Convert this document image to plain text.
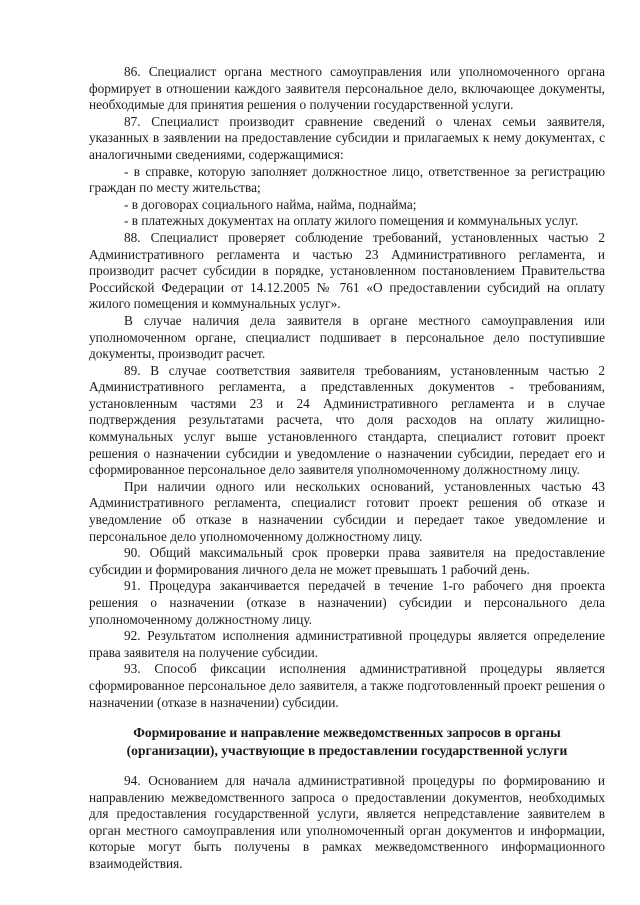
86. Специалист органа местного самоуправления или уполномоченного органа формирует в отношении каждого заявителя персональное дело, включающее документы, необходимые для принятия решения о получении государственной услуги.

87. Специалист производит сравнение сведений о членах семьи заявителя, указанных в заявлении на предоставление субсидии и прилагаемых к нему документах, с аналогичными сведениями, содержащимися:

- в справке, которую заполняет должностное лицо, ответственное за регистрацию граждан по месту жительства;

- в договорах социального найма, найма, поднайма;

- в платежных документах на оплату жилого помещения и коммунальных услуг.

88. Специалист проверяет соблюдение требований, установленных частью 2 Административного регламента и частью 23 Административного регламента, и производит расчет субсидии в порядке, установленном постановлением Правительства Российской Федерации от 14.12.2005 № 761 «О предоставлении субсидий на оплату жилого помещения и коммунальных услуг».

В случае наличия дела заявителя в органе местного самоуправления или уполномоченном органе, специалист подшивает в персональное дело поступившие документы, производит расчет.

89. В случае соответствия заявителя требованиям, установленным частью 2 Административного регламента, а представленных документов - требованиям, установленным частями 23 и 24 Административного регламента и в случае подтверждения результатами расчета, что доля расходов на оплату жилищно-коммунальных услуг выше установленного стандарта, специалист готовит проект решения о назначении субсидии и уведомление о назначении субсидии, передает его и сформированное персональное дело заявителя уполномоченному должностному лицу.

При наличии одного или нескольких оснований, установленных частью 43 Административного регламента, специалист готовит проект решения об отказе и уведомление об отказе в назначении субсидии и передает такое уведомление и персональное дело уполномоченному должностному лицу.

90. Общий максимальный срок проверки права заявителя на предоставление субсидии и формирования личного дела не может превышать 1 рабочий день.

91. Процедура заканчивается передачей в течение 1-го рабочего дня проекта решения о назначении (отказе в назначении) субсидии и персонального дела уполномоченному должностному лицу.

92. Результатом исполнения административной процедуры является определение права заявителя на получение субсидии.

93. Способ фиксации исполнения административной процедуры является сформированное персональное дело заявителя, а также подготовленный проект решения о назначении (отказе в назначении) субсидии.

Формирование и направление межведомственных запросов в органы (организации), участвующие в предоставлении государственной услуги

94. Основанием для начала административной процедуры по формированию и направлению межведомственного запроса о предоставлении документов, необходимых для предоставления государственной услуги, является непредставление заявителем в орган местного самоуправления или уполномоченный орган документов и информации, которые могут быть получены в рамках межведомственного информационного взаимодействия.
